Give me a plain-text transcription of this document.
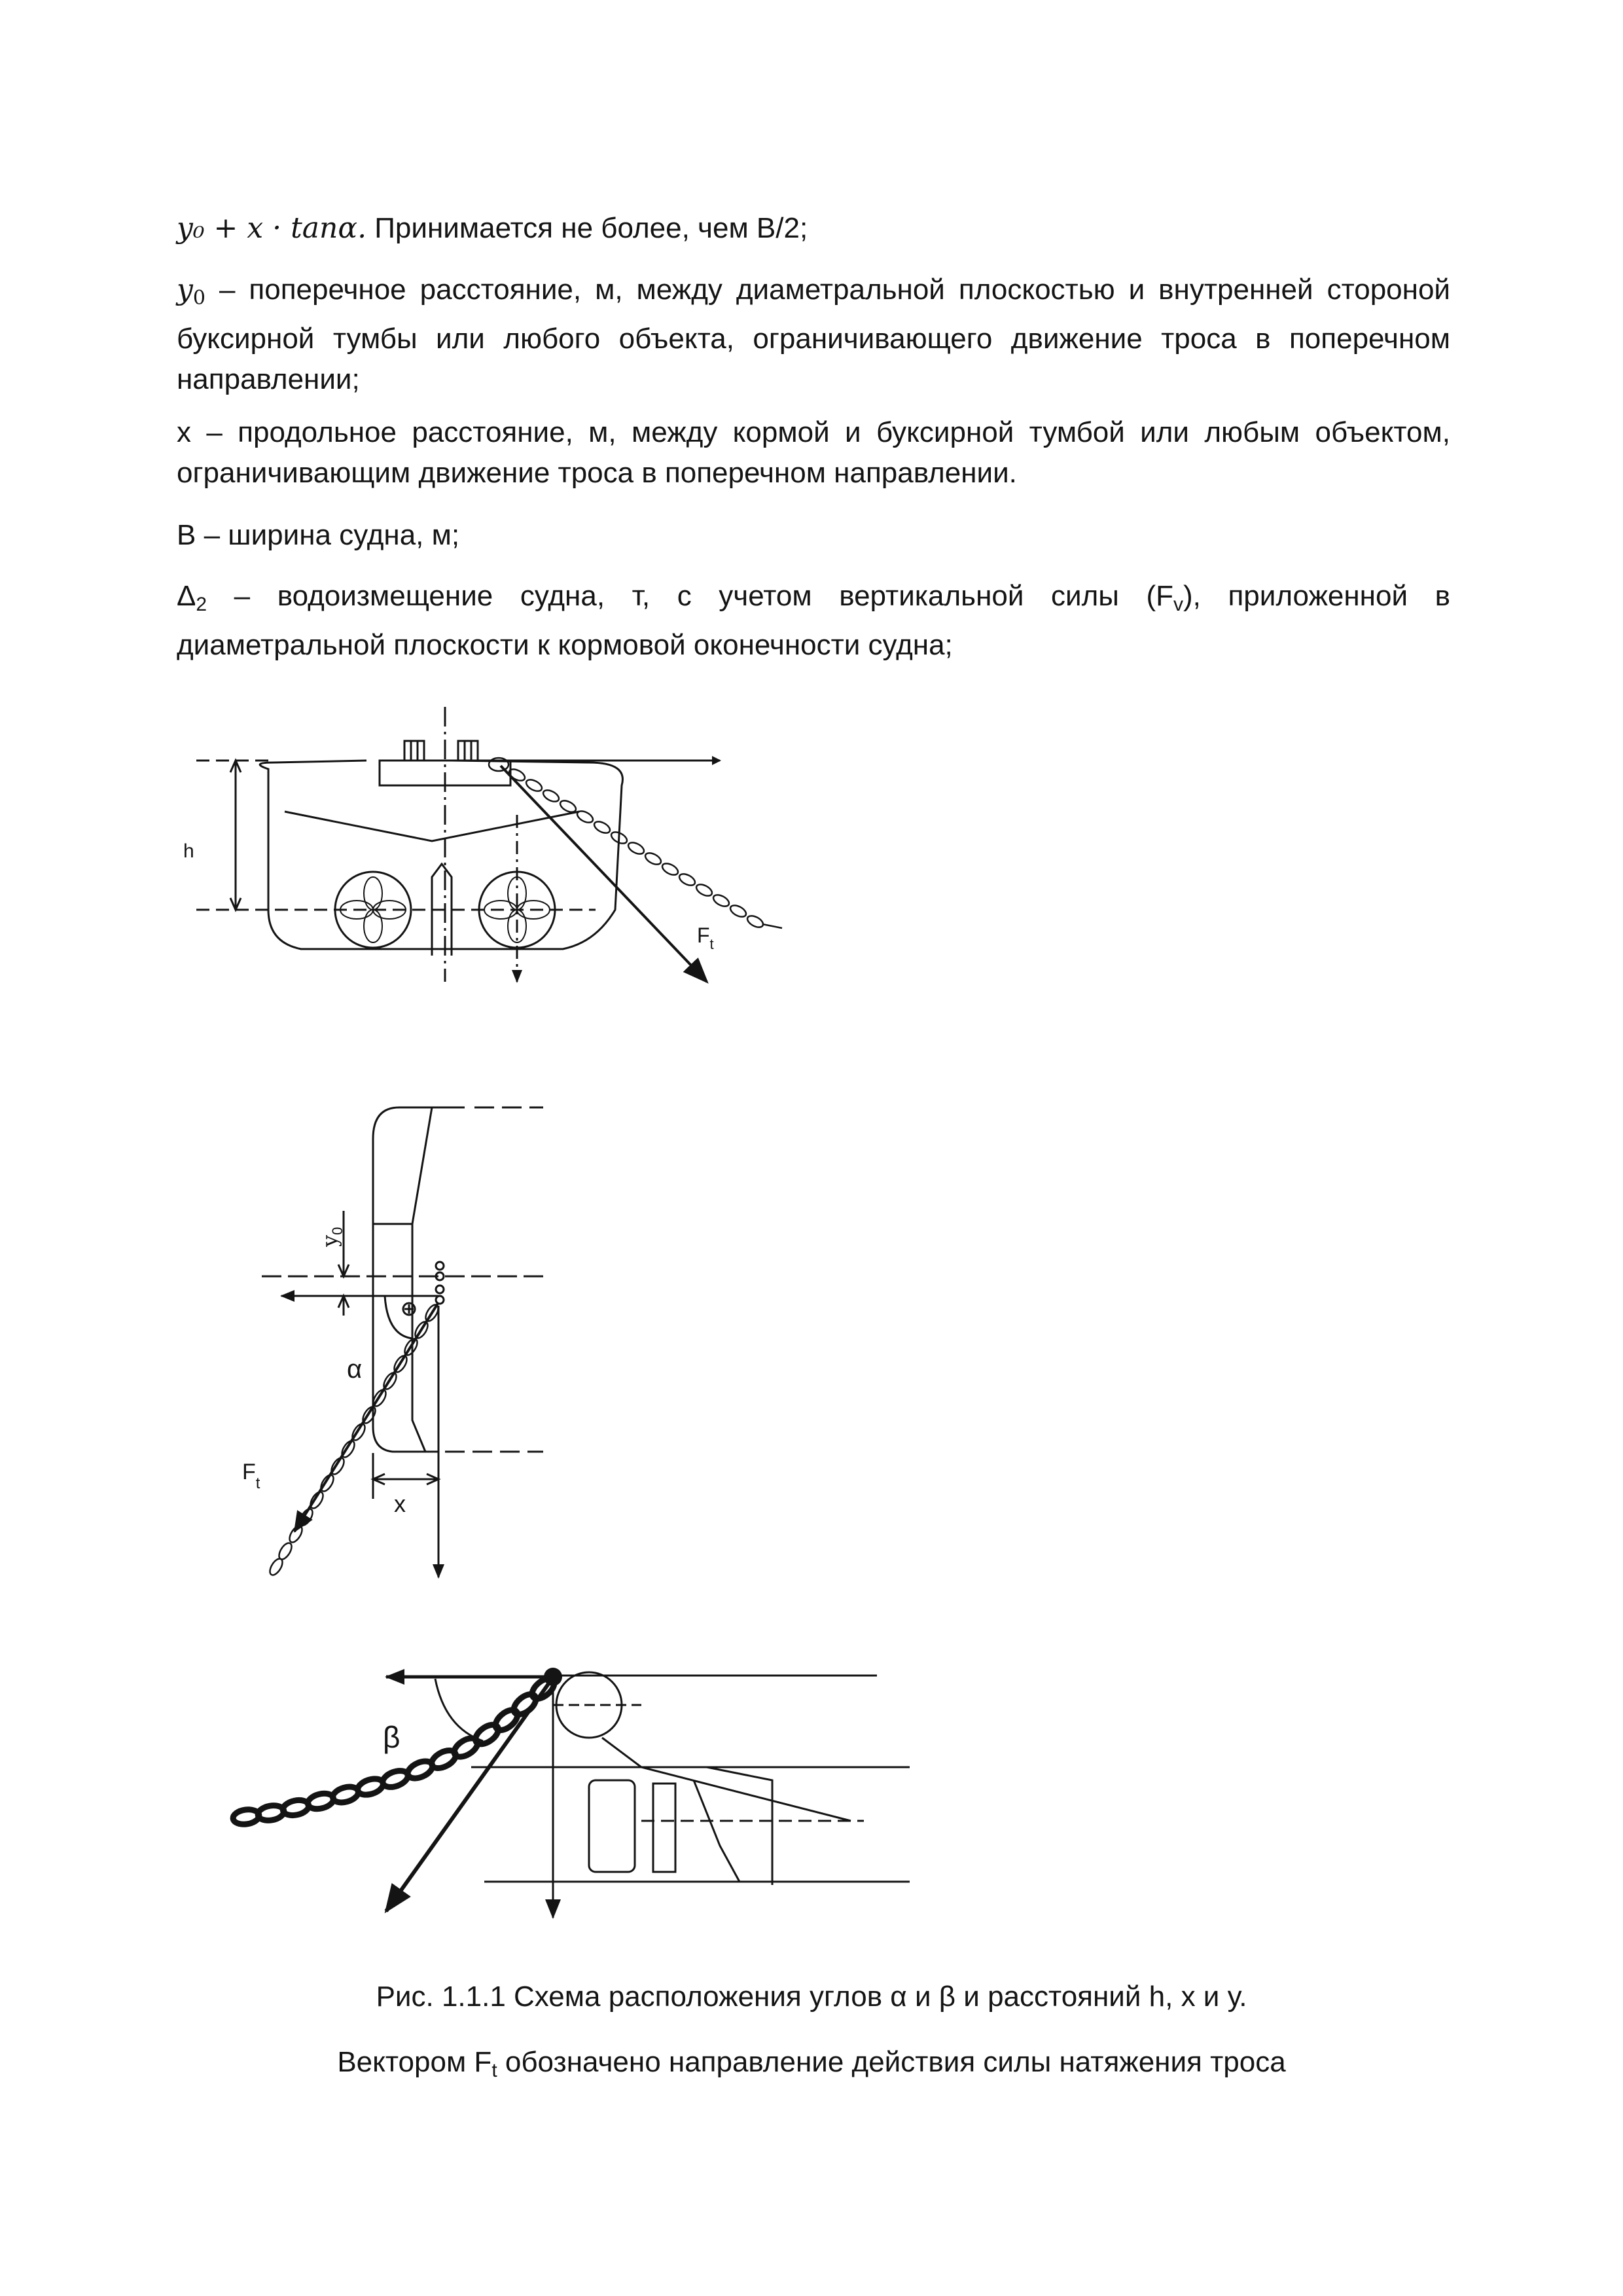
𝑦₀ + 𝑥 · 𝑡𝑎𝑛𝛼. Принимается не более, чем В/2;

$y_0$ – поперечное расстояние, м, между диаметральной плоскостью и внутренней стороной буксирной тумбы или любого объекта, ограничивающего движение троса в поперечном направлении;

x – продольное расстояние, м, между кормой и буксирной тумбой или любым объектом, ограничивающим движение троса в поперечном направлении.

B – ширина судна, м;

$\Delta_2$ – водоизмещение судна, т, с учетом вертикальной силы $(F_v)$, приложенной в диаметральной плоскости к кормовой оконечности судна;

h
$F_t$
$y_0$
α
$F_t$
x
β
Рис. 1.1.1 Схема расположения углов α и β и расстояний h, x и у.
Вектором $F_t$ обозначено направление действия силы натяжения троса
